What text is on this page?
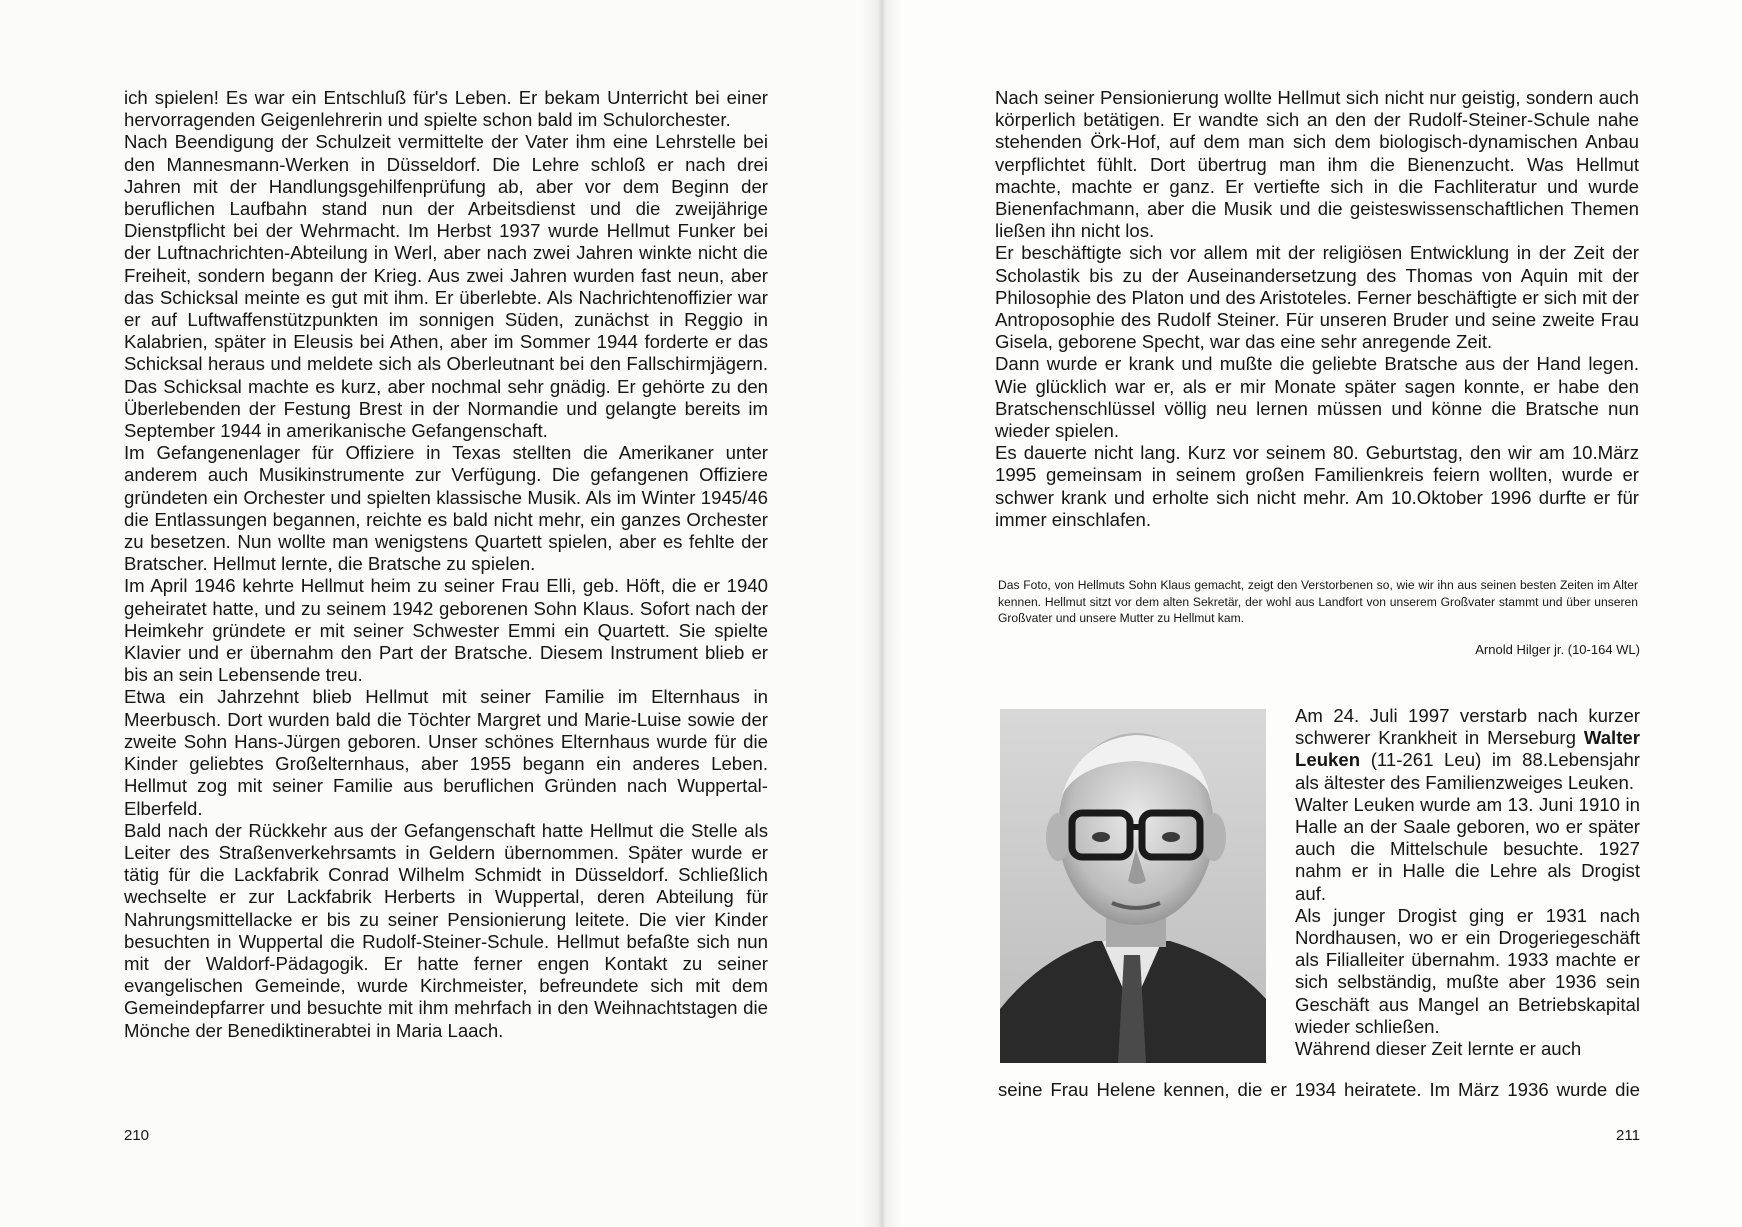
ich spielen! Es war ein Entschluß für's Leben. Er bekam Unterricht bei einer hervorragenden Geigenlehrerin und spielte schon bald im Schulorchester.

Nach Beendigung der Schulzeit vermittelte der Vater ihm eine Lehrstelle bei den Mannesmann-Werken in Düsseldorf. Die Lehre schloß er nach drei Jahren mit der Handlungsgehilfenprüfung ab, aber vor dem Beginn der beruflichen Laufbahn stand nun der Arbeitsdienst und die zweijährige Dienstpflicht bei der Wehrmacht. Im Herbst 1937 wurde Hellmut Funker bei der Luftnachrichten-Abteilung in Werl, aber nach zwei Jahren winkte nicht die Freiheit, sondern begann der Krieg. Aus zwei Jahren wurden fast neun, aber das Schicksal meinte es gut mit ihm. Er überlebte. Als Nachrichtenoffizier war er auf Luftwaffenstützpunkten im sonnigen Süden, zunächst in Reggio in Kalabrien, später in Eleusis bei Athen, aber im Sommer 1944 forderte er das Schicksal heraus und meldete sich als Oberleutnant bei den Fallschirmjägern. Das Schicksal machte es kurz, aber nochmal sehr gnädig. Er gehörte zu den Überlebenden der Festung Brest in der Normandie und gelangte bereits im September 1944 in amerikanische Gefangenschaft.

Im Gefangenenlager für Offiziere in Texas stellten die Amerikaner unter anderem auch Musikinstrumente zur Verfügung. Die gefangenen Offiziere gründeten ein Orchester und spielten klassische Musik. Als im Winter 1945/46 die Entlassungen begannen, reichte es bald nicht mehr, ein ganzes Orchester zu besetzen. Nun wollte man wenigstens Quartett spielen, aber es fehlte der Bratscher. Hellmut lernte, die Bratsche zu spielen.

Im April 1946 kehrte Hellmut heim zu seiner Frau Elli, geb. Höft, die er 1940 geheiratet hatte, und zu seinem 1942 geborenen Sohn Klaus. Sofort nach der Heimkehr gründete er mit seiner Schwester Emmi ein Quartett. Sie spielte Klavier und er übernahm den Part der Bratsche. Diesem Instrument blieb er bis an sein Lebensende treu.

Etwa ein Jahrzehnt blieb Hellmut mit seiner Familie im Elternhaus in Meerbusch. Dort wurden bald die Töchter Margret und Marie-Luise sowie der zweite Sohn Hans-Jürgen geboren. Unser schönes Elternhaus wurde für die Kinder geliebtes Großelternhaus, aber 1955 begann ein anderes Leben. Hellmut zog mit seiner Familie aus beruflichen Gründen nach Wuppertal-Elberfeld.

Bald nach der Rückkehr aus der Gefangenschaft hatte Hellmut die Stelle als Leiter des Straßenverkehrsamts in Geldern übernommen. Später wurde er tätig für die Lackfabrik Conrad Wilhelm Schmidt in Düsseldorf. Schließlich wechselte er zur Lackfabrik Herberts in Wuppertal, deren Abteilung für Nahrungsmittellacke er bis zu seiner Pensionierung leitete. Die vier Kinder besuchten in Wuppertal die Rudolf-Steiner-Schule. Hellmut befaßte sich nun mit der Waldorf-Pädagogik. Er hatte ferner engen Kontakt zu seiner evangelischen Gemeinde, wurde Kirchmeister, befreundete sich mit dem Gemeindepfarrer und besuchte mit ihm mehrfach in den Weihnachtstagen die Mönche der Benediktinerabtei in Maria Laach.

210

Nach seiner Pensionierung wollte Hellmut sich nicht nur geistig, sondern auch körperlich betätigen. Er wandte sich an den der Rudolf-Steiner-Schule nahe stehenden Örk-Hof, auf dem man sich dem biologisch-dynamischen Anbau verpflichtet fühlt. Dort übertrug man ihm die Bienenzucht. Was Hellmut machte, machte er ganz. Er vertiefte sich in die Fachliteratur und wurde Bienenfachmann, aber die Musik und die geisteswissenschaftlichen Themen ließen ihn nicht los.

Er beschäftigte sich vor allem mit der religiösen Entwicklung in der Zeit der Scholastik bis zu der Auseinandersetzung des Thomas von Aquin mit der Philosophie des Platon und des Aristoteles. Ferner beschäftigte er sich mit der Antroposophie des Rudolf Steiner. Für unseren Bruder und seine zweite Frau Gisela, geborene Specht, war das eine sehr anregende Zeit.

Dann wurde er krank und mußte die geliebte Bratsche aus der Hand legen. Wie glücklich war er, als er mir Monate später sagen konnte, er habe den Bratschenschlüssel völlig neu lernen müssen und könne die Bratsche nun wieder spielen.

Es dauerte nicht lang. Kurz vor seinem 80. Geburtstag, den wir am 10.März 1995 gemeinsam in seinem großen Familienkreis feiern wollten, wurde er schwer krank und erholte sich nicht mehr. Am 10.Oktober 1996 durfte er für immer einschlafen.

Das Foto, von Hellmuts Sohn Klaus gemacht, zeigt den Verstorbenen so, wie wir ihn aus seinen besten Zeiten im Alter kennen. Hellmut sitzt vor dem alten Sekretär, der wohl aus Landfort von unserem Großvater stammt und über unseren Großvater und unsere Mutter zu Hellmut kam.

Arnold Hilger jr. (10-164 WL)

Am 24. Juli 1997 verstarb nach kurzer schwerer Krankheit in Merseburg Walter Leuken (11-261 Leu) im 88.Lebensjahr als ältester des Familienzweiges Leuken.

Walter Leuken wurde am 13. Juni 1910 in Halle an der Saale geboren, wo er später auch die Mittelschule besuchte. 1927 nahm er in Halle die Lehre als Drogist auf.

Als junger Drogist ging er 1931 nach Nordhausen, wo er ein Drogeriegeschäft als Filialleiter übernahm. 1933 machte er sich selbständig, mußte aber 1936 sein Geschäft aus Mangel an Betriebskapital wieder schließen.

Während dieser Zeit lernte er auch

seine Frau Helene kennen, die er 1934 heiratete. Im März 1936 wurde die
211
